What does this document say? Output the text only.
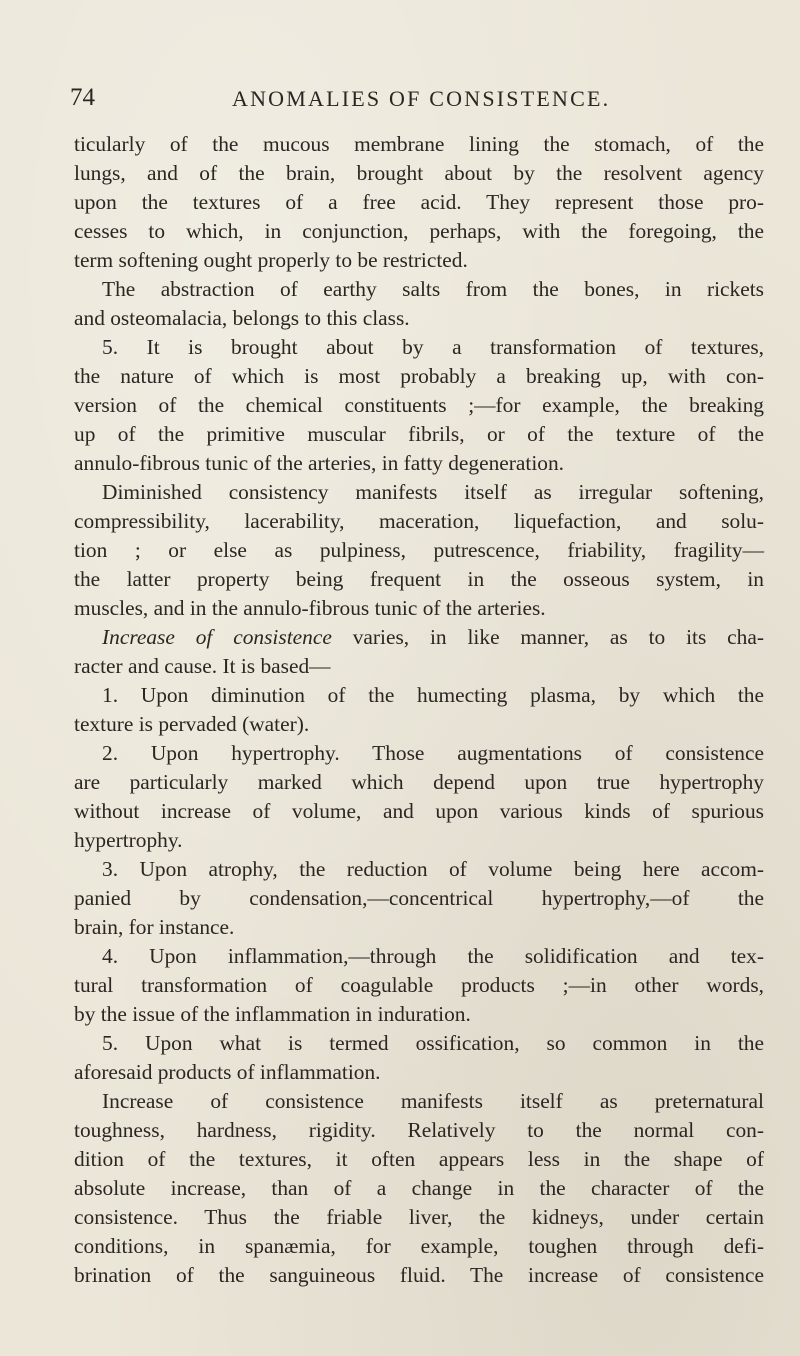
74	ANOMALIES OF CONSISTENCE.
ticularly of the mucous membrane lining the stomach, of the
lungs, and of the brain, brought about by the resolvent agency
upon the textures of a free acid. They represent those pro-
cesses to which, in conjunction, perhaps, with the foregoing, the
term softening ought properly to be restricted.
The abstraction of earthy salts from the bones, in rickets
and osteomalacia, belongs to this class.
5. It is brought about by a transformation of textures,
the nature of which is most probably a breaking up, with con-
version of the chemical constituents ;—for example, the breaking
up of the primitive muscular fibrils, or of the texture of the
annulo-fibrous tunic of the arteries, in fatty degeneration.
Diminished consistency manifests itself as irregular softening,
compressibility, lacerability, maceration, liquefaction, and solu-
tion ; or else as pulpiness, putrescence, friability, fragility—
the latter property being frequent in the osseous system, in
muscles, and in the annulo-fibrous tunic of the arteries.
Increase of consistence varies, in like manner, as to its cha-
racter and cause. It is based—
1. Upon diminution of the humecting plasma, by which the
texture is pervaded (water).
2. Upon hypertrophy. Those augmentations of consistence
are particularly marked which depend upon true hypertrophy
without increase of volume, and upon various kinds of spurious
hypertrophy.
3. Upon atrophy, the reduction of volume being here accom-
panied by condensation,—concentrical hypertrophy,—of the
brain, for instance.
4. Upon inflammation,—through the solidification and tex-
tural transformation of coagulable products ;—in other words,
by the issue of the inflammation in induration.
5. Upon what is termed ossification, so common in the
aforesaid products of inflammation.
Increase of consistence manifests itself as preternatural
toughness, hardness, rigidity. Relatively to the normal con-
dition of the textures, it often appears less in the shape of
absolute increase, than of a change in the character of the
consistence. Thus the friable liver, the kidneys, under certain
conditions, in spanæmia, for example, toughen through defi-
brination of the sanguineous fluid. The increase of consistence
